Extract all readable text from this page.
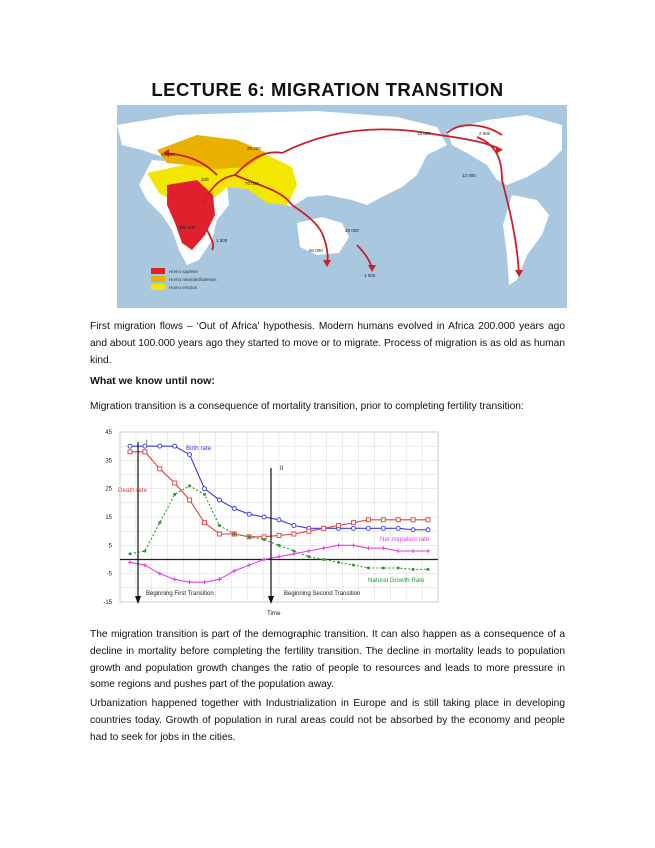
LECTURE 6: MIGRATION TRANSITION
400 000
100
45 000
25 000
70 000
30 000
50 000
15 000	2 500
12 000
1 500
1 000
Homo sapiens
Homo neanderthalensis
Homo erectus
First migration flows – ‘Out of Africa’ hypothesis. Modern humans evolved in Africa 200.000 years ago and about 100.000 years ago they started to move or to migrate. Process of migration is as old as human kind.
What we know until now:
Migration transition is a consequence of mortality transition, prior to completing fertility transition:
45
35
25
15
5
-5
-15
Beginning First Transition	Beginning Second Transition
I
II
Birth rate
Death rate
Natural Growth Rate
Net migration rate
Time
The migration transition is part of the demographic transition. It can also happen as a consequence of a decline in mortality before completing the fertility transition. The decline in mortality leads to population growth and population growth changes the ratio of people to resources and leads to more pressure in some regions and pushes part of the population away.
Urbanization happened together with Industrialization in Europe and is still taking place in developing countries today. Growth of population in rural areas could not be absorbed by the economy and people had to seek for jobs in the cities.
